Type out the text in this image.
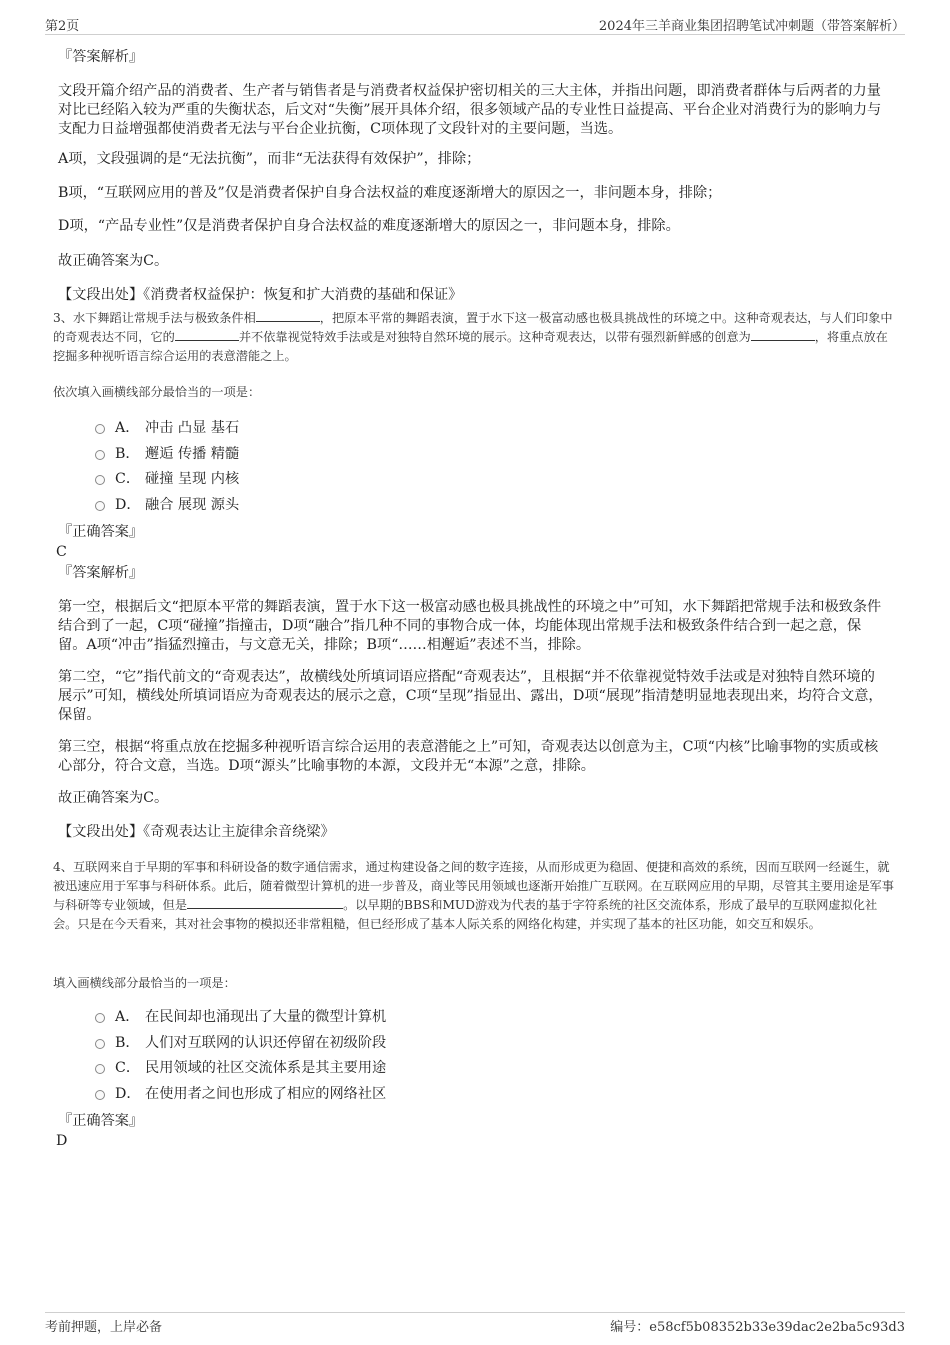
第2页	2024年三羊商业集团招聘笔试冲刺题（带答案解析）

『答案解析』

文段开篇介绍产品的消费者、生产者与销售者是与消费者权益保护密切相关的三大主体，并指出问题，即消费者群体与后两者的力量对比已经陷入较为严重的失衡状态，后文对“失衡”展开具体介绍，很多领域产品的专业性日益提高、平台企业对消费行为的影响力与支配力日益增强都使消费者无法与平台企业抗衡，C项体现了文段针对的主要问题，当选。

A项，文段强调的是“无法抗衡”，而非“无法获得有效保护”，排除；

B项，“互联网应用的普及”仅是消费者保护自身合法权益的难度逐渐增大的原因之一，非问题本身，排除；

D项，“产品专业性”仅是消费者保护自身合法权益的难度逐渐增大的原因之一，非问题本身，排除。

故正确答案为C。

【文段出处】《消费者权益保护：恢复和扩大消费的基础和保证》

3、水下舞蹈让常规手法与极致条件相	，把原本平常的舞蹈表演，置于水下这一极富动感也极具挑战性的环境之中。这种奇观表达，与人们印象中的奇观表达不同，它的	并不依靠视觉特效手法或是对独特自然环境的展示。这种奇观表达，以带有强烈新鲜感的创意为	，将重点放在挖掘多种视听语言综合运用的表意潜能之上。

依次填入画横线部分最恰当的一项是：

A． 冲击 凸显 基石
B． 邂逅 传播 精髓
C． 碰撞 呈现 内核
D． 融合 展现 源头

『正确答案』

C

『答案解析』

第一空，根据后文“把原本平常的舞蹈表演，置于水下这一极富动感也极具挑战性的环境之中”可知，水下舞蹈把常规手法和极致条件结合到了一起，C项“碰撞”指撞击，D项“融合”指几种不同的事物合成一体，均能体现出常规手法和极致条件结合到一起之意，保留。A项“冲击”指猛烈撞击，与文意无关，排除；B项“……相邂逅”表述不当，排除。

第二空，“它”指代前文的“奇观表达”，故横线处所填词语应搭配“奇观表达”，且根据“并不依靠视觉特效手法或是对独特自然环境的展示”可知，横线处所填词语应为奇观表达的展示之意，C项“呈现”指显出、露出，D项“展现”指清楚明显地表现出来，均符合文意，保留。

第三空，根据“将重点放在挖掘多种视听语言综合运用的表意潜能之上”可知，奇观表达以创意为主，C项“内核”比喻事物的实质或核心部分，符合文意，当选。D项“源头”比喻事物的本源，文段并无“本源”之意，排除。

故正确答案为C。

【文段出处】《奇观表达让主旋律余音绕梁》

4、互联网来自于早期的军事和科研设备的数字通信需求，通过构建设备之间的数字连接，从而形成更为稳固、便捷和高效的系统，因而互联网一经诞生，就被迅速应用于军事与科研体系。此后，随着微型计算机的进一步普及，商业等民用领域也逐渐开始推广互联网。在互联网应用的早期，尽管其主要用途是军事与科研等专业领域，但是	。以早期的BBS和MUD游戏为代表的基于字符系统的社区交流体系，形成了最早的互联网虚拟化社会。只是在今天看来，其对社会事物的模拟还非常粗糙，但已经形成了基本人际关系的网络化构建，并实现了基本的社区功能，如交互和娱乐。

填入画横线部分最恰当的一项是：

A． 在民间却也涌现出了大量的微型计算机
B． 人们对互联网的认识还停留在初级阶段
C． 民用领域的社区交流体系是其主要用途
D． 在使用者之间也形成了相应的网络社区

『正确答案』

D

考前押题，上岸必备	编号：e58cf5b08352b33e39dac2e2ba5c93d3
